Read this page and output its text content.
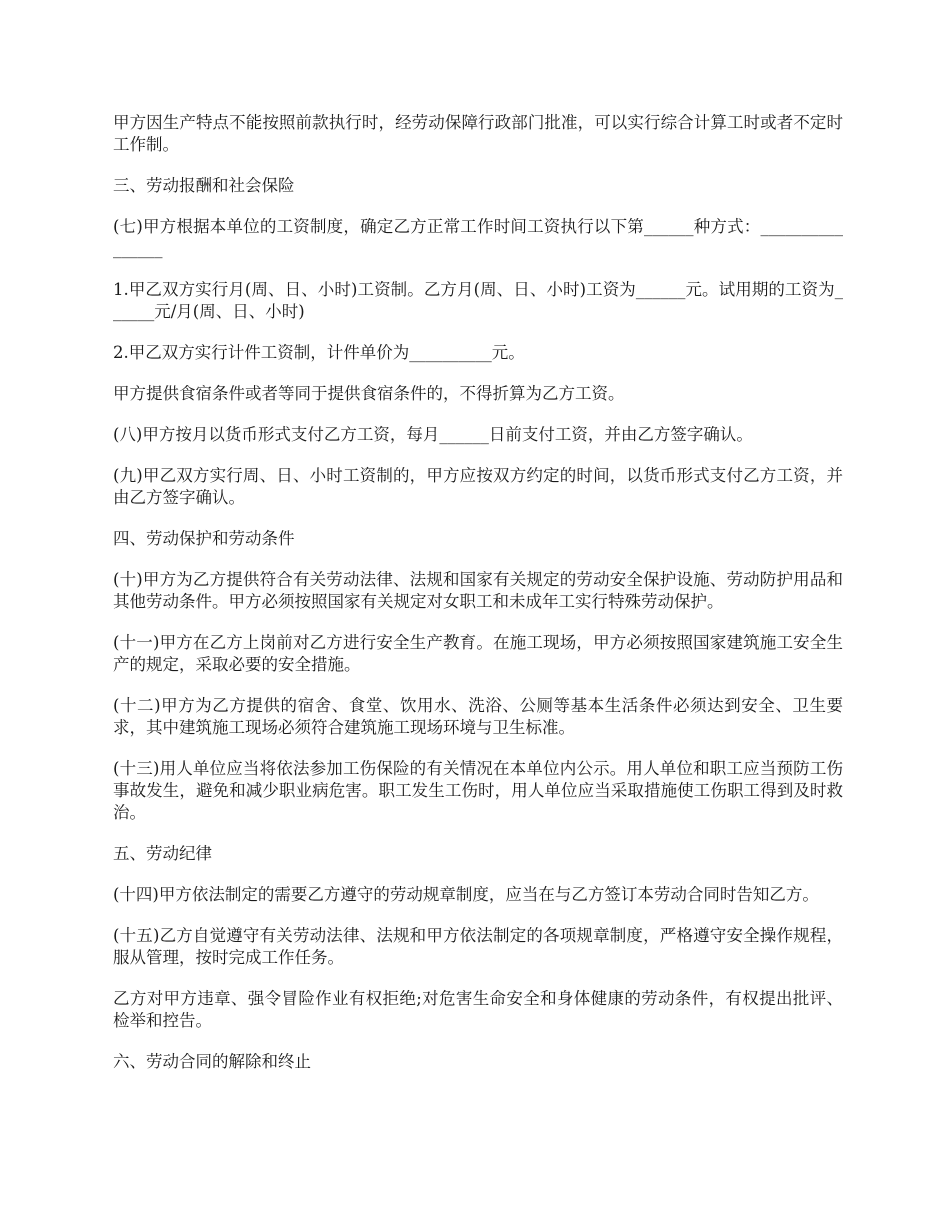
甲方因生产特点不能按照前款执行时，经劳动保障行政部门批准，可以实行综合计算工时或者不定时工作制。

三、劳动报酬和社会保险

(七)甲方根据本单位的工资制度，确定乙方正常工作时间工资执行以下第______种方式：________________

1.甲乙双方实行月(周、日、小时)工资制。乙方月(周、日、小时)工资为______元。试用期的工资为______元/月(周、日、小时)

2.甲乙双方实行计件工资制，计件单价为__________元。

甲方提供食宿条件或者等同于提供食宿条件的，不得折算为乙方工资。

(八)甲方按月以货币形式支付乙方工资，每月______日前支付工资，并由乙方签字确认。

(九)甲乙双方实行周、日、小时工资制的，甲方应按双方约定的时间，以货币形式支付乙方工资，并由乙方签字确认。

四、劳动保护和劳动条件

(十)甲方为乙方提供符合有关劳动法律、法规和国家有关规定的劳动安全保护设施、劳动防护用品和其他劳动条件。甲方必须按照国家有关规定对女职工和未成年工实行特殊劳动保护。

(十一)甲方在乙方上岗前对乙方进行安全生产教育。在施工现场，甲方必须按照国家建筑施工安全生产的规定，采取必要的安全措施。

(十二)甲方为乙方提供的宿舍、食堂、饮用水、洗浴、公厕等基本生活条件必须达到安全、卫生要求，其中建筑施工现场必须符合建筑施工现场环境与卫生标准。

(十三)用人单位应当将依法参加工伤保险的有关情况在本单位内公示。用人单位和职工应当预防工伤事故发生，避免和减少职业病危害。职工发生工伤时，用人单位应当采取措施使工伤职工得到及时救治。

五、劳动纪律

(十四)甲方依法制定的需要乙方遵守的劳动规章制度，应当在与乙方签订本劳动合同时告知乙方。

(十五)乙方自觉遵守有关劳动法律、法规和甲方依法制定的各项规章制度，严格遵守安全操作规程，服从管理，按时完成工作任务。

乙方对甲方违章、强令冒险作业有权拒绝;对危害生命安全和身体健康的劳动条件，有权提出批评、检举和控告。

六、劳动合同的解除和终止
